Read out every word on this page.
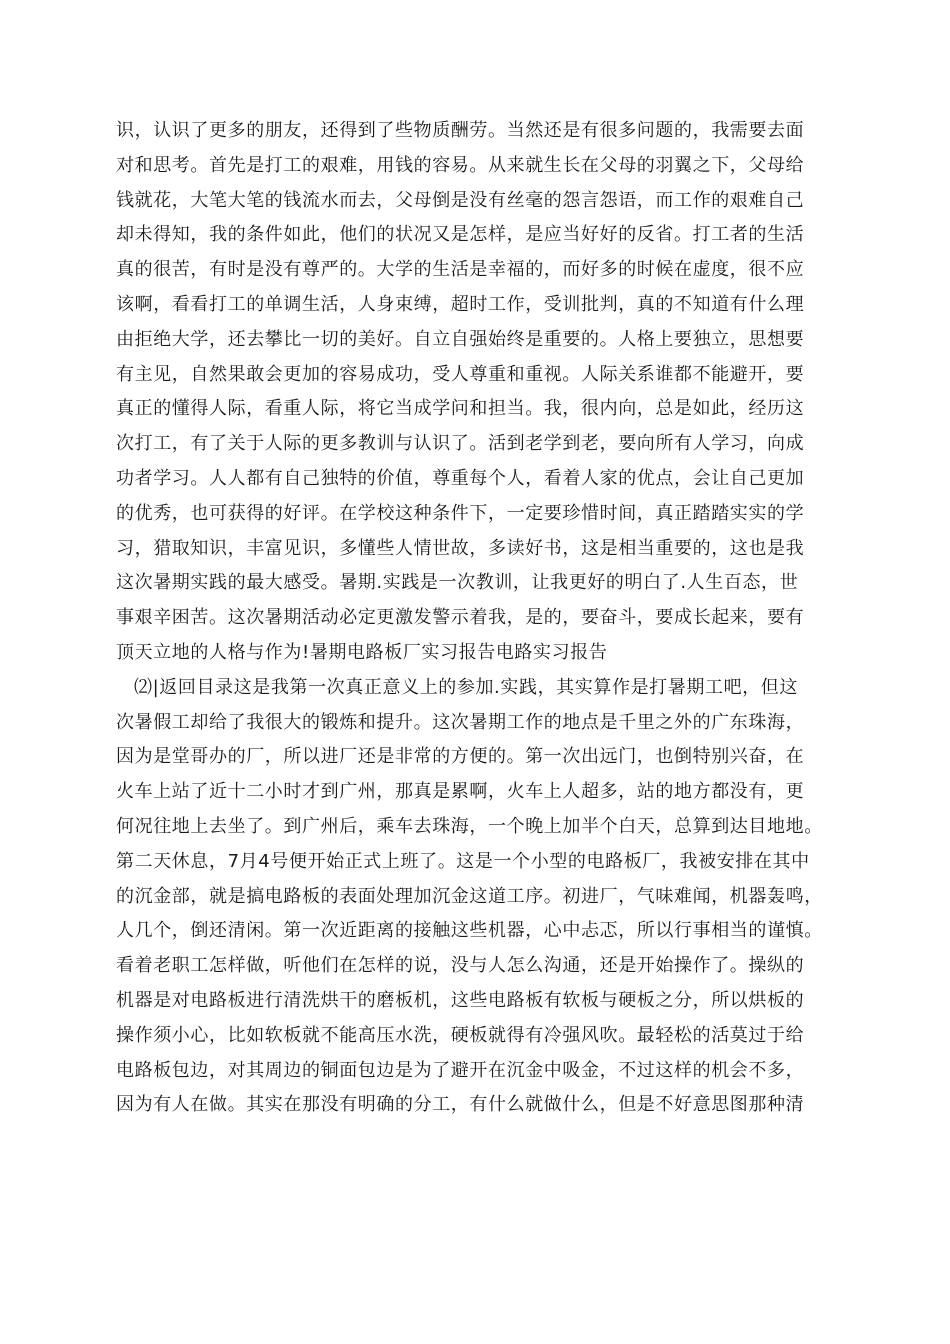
识，认识了更多的朋友，还得到了些物质酬劳。当然还是有很多问题的，我需要去面
对和思考。首先是打工的艰难，用钱的容易。从来就生长在父母的羽翼之下，父母给
钱就花，大笔大笔的钱流水而去，父母倒是没有丝毫的怨言怨语，而工作的艰难自己
却未得知，我的条件如此，他们的状况又是怎样，是应当好好的反省。打工者的生活
真的很苦，有时是没有尊严的。大学的生活是幸福的，而好多的时候在虚度，很不应
该啊，看看打工的单调生活，人身束缚，超时工作，受训批判，真的不知道有什么理
由拒绝大学，还去攀比一切的美好。自立自强始终是重要的。人格上要独立，思想要
有主见，自然果敢会更加的容易成功，受人尊重和重视。人际关系谁都不能避开，要
真正的懂得人际，看重人际，将它当成学问和担当。我，很内向，总是如此，经历这
次打工，有了关于人际的更多教训与认识了。活到老学到老，要向所有人学习，向成
功者学习。人人都有自己独特的价值，尊重每个人，看着人家的优点，会让自己更加
的优秀，也可获得的好评。在学校这种条件下，一定要珍惜时间，真正踏踏实实的学
习，猎取知识，丰富见识，多懂些人情世故，多读好书，这是相当重要的，这也是我
这次暑期实践的最大感受。暑期.实践是一次教训，让我更好的明白了.人生百态，世
事艰辛困苦。这次暑期活动必定更激发警示着我，是的，要奋斗，要成长起来，要有
顶天立地的人格与作为!暑期电路板厂实习报告电路实习报告
⑵|返回目录这是我第一次真正意义上的参加.实践，其实算作是打暑期工吧，但这
次暑假工却给了我很大的锻炼和提升。这次暑期工作的地点是千里之外的广东珠海，
因为是堂哥办的厂，所以进厂还是非常的方便的。第一次出远门，也倒特别兴奋，在
火车上站了近十二小时才到广州，那真是累啊，火车上人超多，站的地方都没有，更
何况往地上去坐了。到广州后，乘车去珠海，一个晚上加半个白天，总算到达目地地。
第二天休息，7月4号便开始正式上班了。这是一个小型的电路板厂，我被安排在其中
的沉金部，就是搞电路板的表面处理加沉金这道工序。初进厂，气味难闻，机器轰鸣，
人几个，倒还清闲。第一次近距离的接触这些机器，心中忐忑，所以行事相当的谨慎。
看着老职工怎样做，听他们在怎样的说，没与人怎么沟通，还是开始操作了。操纵的
机器是对电路板进行清洗烘干的磨板机，这些电路板有软板与硬板之分，所以烘板的
操作须小心，比如软板就不能高压水洗，硬板就得有冷强风吹。最轻松的活莫过于给
电路板包边，对其周边的铜面包边是为了避开在沉金中吸金，不过这样的机会不多，
因为有人在做。其实在那没有明确的分工，有什么就做什么，但是不好意思图那种清
